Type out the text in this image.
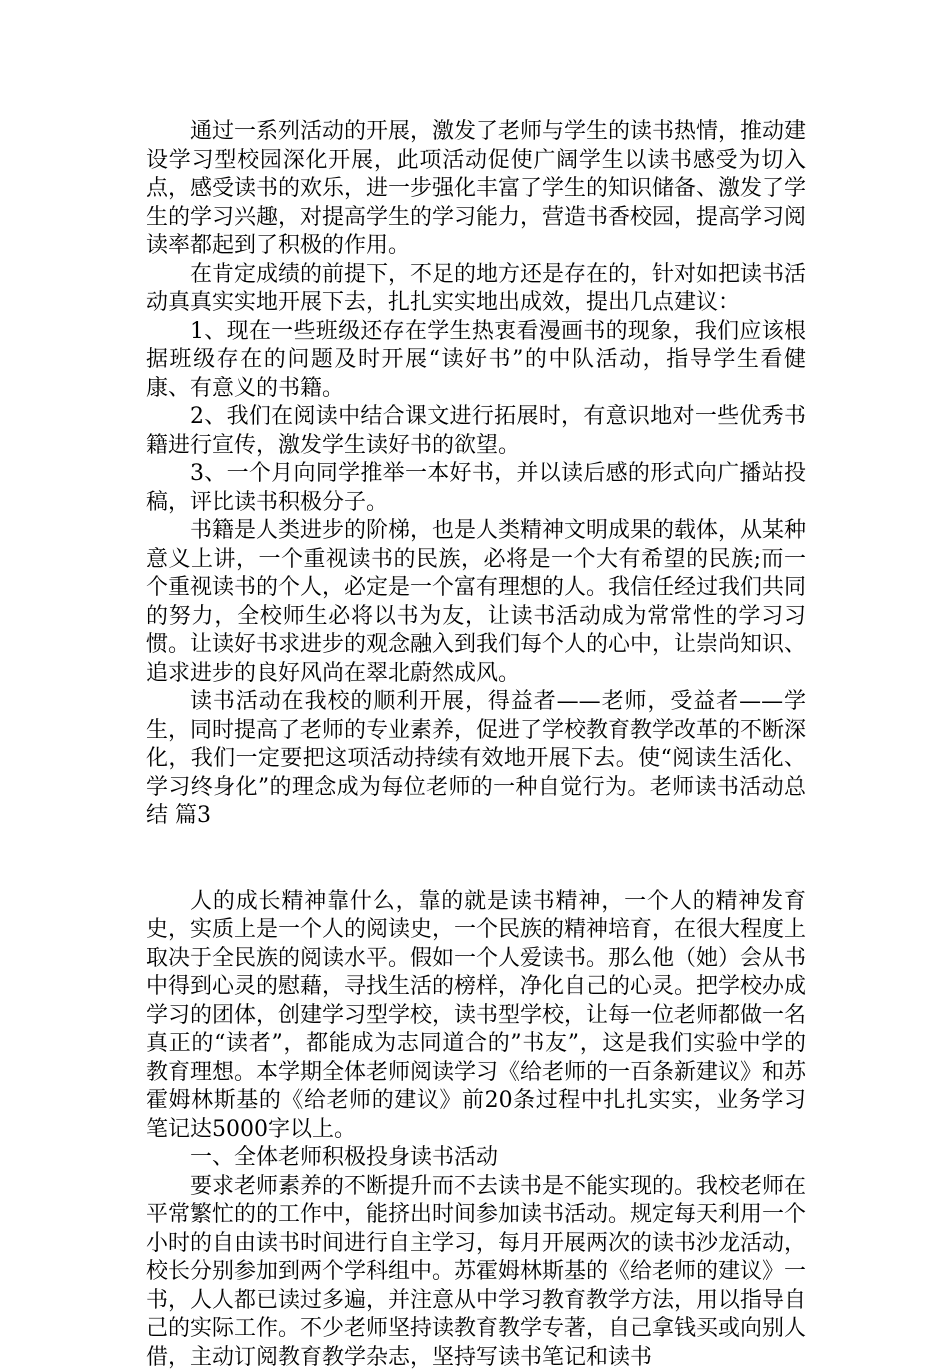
通过一系列活动的开展，激发了老师与学生的读书热情，推动建设学习型校园深化开展，此项活动促使广阔学生以读书感受为切入点，感受读书的欢乐，进一步强化丰富了学生的知识储备、激发了学生的学习兴趣，对提高学生的学习能力，营造书香校园，提高学习阅读率都起到了积极的作用。

在肯定成绩的前提下，不足的地方还是存在的，针对如把读书活动真真实实地开展下去，扎扎实实地出成效，提出几点建议：

1、现在一些班级还存在学生热衷看漫画书的现象，我们应该根据班级存在的问题及时开展“读好书”的中队活动，指导学生看健康、有意义的书籍。

2、我们在阅读中结合课文进行拓展时，有意识地对一些优秀书籍进行宣传，激发学生读好书的欲望。

3、一个月向同学推举一本好书，并以读后感的形式向广播站投稿，评比读书积极分子。

书籍是人类进步的阶梯，也是人类精神文明成果的载体，从某种意义上讲，一个重视读书的民族，必将是一个大有希望的民族;而一个重视读书的个人，必定是一个富有理想的人。我信任经过我们共同的努力，全校师生必将以书为友，让读书活动成为常常性的学习习惯。让读好书求进步的观念融入到我们每个人的心中，让崇尚知识、追求进步的良好风尚在翠北蔚然成风。

读书活动在我校的顺利开展，得益者——老师，受益者——学生，同时提高了老师的专业素养，促进了学校教育教学改革的不断深化，我们一定要把这项活动持续有效地开展下去。使“阅读生活化、学习终身化”的理念成为每位老师的一种自觉行为。老师读书活动总结 篇3

人的成长精神靠什么，靠的就是读书精神，一个人的精神发育史，实质上是一个人的阅读史，一个民族的精神培育，在很大程度上取决于全民族的阅读水平。假如一个人爱读书。那么他（她）会从书中得到心灵的慰藉，寻找生活的榜样，净化自己的心灵。把学校办成学习的团体，创建学习型学校，读书型学校，让每一位老师都做一名真正的“读者”，都能成为志同道合的”书友”，这是我们实验中学的教育理想。本学期全体老师阅读学习《给老师的一百条新建议》和苏霍姆林斯基的《给老师的建议》前20条过程中扎扎实实，业务学习笔记达5000字以上。

一、全体老师积极投身读书活动

要求老师素养的不断提升而不去读书是不能实现的。我校老师在平常繁忙的的工作中，能挤出时间参加读书活动。规定每天利用一个小时的自由读书时间进行自主学习，每月开展两次的读书沙龙活动，校长分别参加到两个学科组中。苏霍姆林斯基的《给老师的建议》一书，人人都已读过多遍，并注意从中学习教育教学方法，用以指导自己的实际工作。不少老师坚持读教育教学专著，自己拿钱买或向别人借，主动订阅教育教学杂志，坚持写读书笔记和读书
